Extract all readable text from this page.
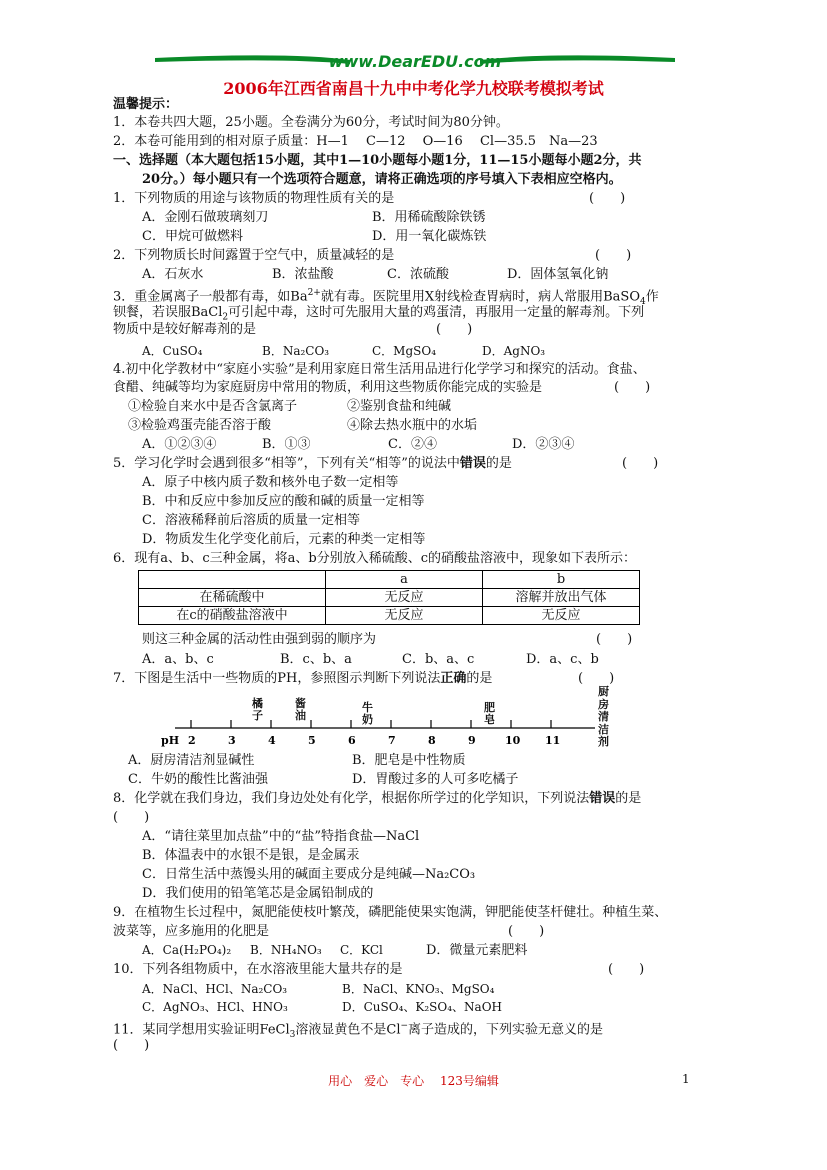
www.DearEDU.com
2006年江西省南昌十九中中考化学九校联考模拟考试
温馨提示：
1．本卷共四大题，25小题。全卷满分为60分，考试时间为80分钟。
2．本卷可能用到的相对原子质量：H—1　 C—12　 O—16　 Cl—35.5　Na—23
一、选择题（本大题包括15小题，其中1—10小题每小题1分，11—15小题每小题2分，共
20分。）每小题只有一个选项符合题意，请将正确选项的序号填入下表相应空格内。
1．下列物质的用途与该物质的物理性质有关的是	(　　)
A．金刚石做玻璃刻刀	B．用稀硫酸除铁锈
C．甲烷可做燃料	D．用一氧化碳炼铁
2．下列物质长时间露置于空气中，质量减轻的是	(　　)
A．石灰水	B．浓盐酸	C．浓硫酸	D．固体氢氧化钠
3．重金属离子一般都有毒，如$Ba^{2+}$就有毒。医院里用X射线检查胃病时，病人常服用BaSO$_4$作
钡餐，若误服BaCl$_2$可引起中毒，这时可先服用大量的鸡蛋清，再服用一定量的解毒剂。下列
物质中是较好解毒剂的是	(　　)
A．CuSO₄	B．Na₂CO₃	C．MgSO₄	D．AgNO₃
4.初中化学教材中“家庭小实验”是利用家庭日常生活用品进行化学学习和探究的活动。食盐、
食醋、纯碱等均为家庭厨房中常用的物质，利用这些物质你能完成的实验是	(　　)
①检验自来水中是否含氯离子	②鉴别食盐和纯碱
③检验鸡蛋壳能否溶于酸	④除去热水瓶中的水垢
A．①②③④	B．①③	C．②④	D．②③④
5．学习化学时会遇到很多“相等”，下列有关“相等”的说法中错误的是	(　　)
A．原子中核内质子数和核外电子数一定相等
B．中和反应中参加反应的酸和碱的质量一定相等
C．溶液稀释前后溶质的质量一定相等
D．物质发生化学变化前后，元素的种类一定相等
6．现有a、b、c三种金属，将a、b分别放入稀硫酸、c的硝酸盐溶液中，现象如下表所示：
	a	b
在稀硫酸中	无反应	溶解并放出气体
在c的硝酸盐溶液中	无反应	无反应
则这三种金属的活动性由强到弱的顺序为	(　　)
A．a、b、c	B．c、b、a	C．b、a、c	D．a、c、b
7．下图是生活中一些物质的PH，参照图示判断下列说法正确的是	(　　)
pH 2	3	4	5	6	7	8	9	10 11
橘子
酱油
牛奶
肥皂
厨房清洁剂
A．厨房清洁剂显碱性	B．肥皂是中性物质
C．牛奶的酸性比酱油强	D．胃酸过多的人可多吃橘子
8．化学就在我们身边，我们身边处处有化学，根据你所学过的化学知识，下列说法错误的是
(　　)
A．“请往菜里加点盐”中的“盐”特指食盐—NaCl
B．体温表中的水银不是银，是金属汞
C．日常生活中蒸馒头用的碱面主要成分是纯碱—Na₂CO₃
D．我们使用的铅笔笔芯是金属铅制成的
9．在植物生长过程中，氮肥能使枝叶繁茂，磷肥能使果实饱满，钾肥能使茎杆健壮。种植生菜、
波菜等，应多施用的化肥是	(　　)
A．Ca(H₂PO₄)₂ B．NH₄NO₃ C．KCl	D．微量元素肥料
10．下列各组物质中，在水溶液里能大量共存的是	(　　)
A．NaCl、HCl、Na₂CO₃	B．NaCl、KNO₃、MgSO₄
C．AgNO₃、HCl、HNO₃	D．CuSO₄、K₂SO₄、NaOH
11．某同学想用实验证明FeCl$_3$溶液显黄色不是Cl−离子造成的，下列实验无意义的是
(　　)
用心　爱心　专心　 123号编辑	1
